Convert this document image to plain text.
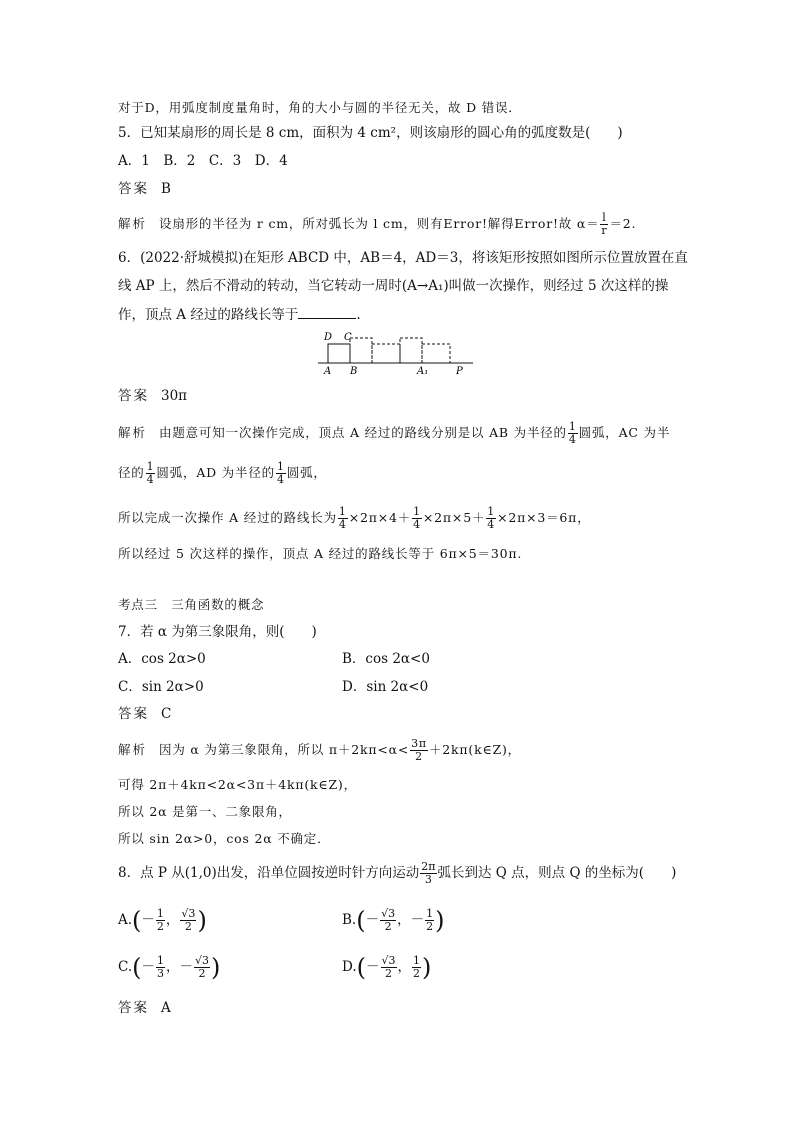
对于D，用弧度制度量角时，角的大小与圆的半径无关，故 D 错误．
5．已知某扇形的周长是 8 cm，面积为 4 cm²，则该扇形的圆心角的弧度数是(　　)
A．1　B．2　C．3　D．4
答案 B
解析 设扇形的半径为 r cm，所对弧长为 l cm，则有Error!解得Error!故 $\alpha= \frac{l}{r} =2$.
6．(2022·舒城模拟)在矩形 ABCD 中，AB＝4，AD＝3，将该矩形按照如图所示位置放置在直
线 AP 上，然后不滑动的转动，当它转动一周时(A→A₁)叫做一次操作，则经过 5 次这样的操
作，顶点 A 经过的路线长等于	.
D C
A B	A₁	P
答案 30π
解析 由题意可知一次操作完成，顶点 A 经过的路线分别是以 AB 为半径的 $\frac{1}{4}$ 圆弧，AC 为半
径的 $\frac{1}{4}$ 圆弧，AD 为半径的 $\frac{1}{4}$ 圆弧，
所以完成一次操作 A 经过的路线长为 $\frac{1}{4} \times 2\pi\times 4+ \frac{1}{4} \times 2\pi\times 5+ \frac{1}{4} \times 2\pi\times 3=6\pi$，
所以经过 5 次这样的操作，顶点 A 经过的路线长等于 6π×5＝30π.
考点三　三角函数的概念
7．若 α 为第三象限角，则(　　)
A．cos 2α>0	B．cos 2α<0
C．sin 2α>0	D．sin 2α<0
答案 C
解析 因为 α 为第三象限角，所以 $\pi+2k\pi<\alpha< \frac{3\pi}{2}$ ＋2kπ(k∈Z)，
可得 2π＋4kπ<2α<3π＋4kπ(k∈Z)，
所以 2α 是第一、二象限角，
所以 sin 2α>0，cos 2α 不确定．
8．点 P 从(1,0)出发，沿单位圆按逆时针方向运动 $\frac{2\pi}{3}$ 弧长到达 Q 点，则点 Q 的坐标为(　　)
$A.(- \frac{1}{2}$ ， $\frac{√3}{2}$ )	$B.(- \frac{√3}{2}$ ，－ $\frac{1}{2}$ )
$C.(- \frac{1}{3}$ ，－ $\frac{√3}{2}$ )	$D.(- \frac{√3}{2}$ ， $\frac{1}{2}$ )
答案 A
